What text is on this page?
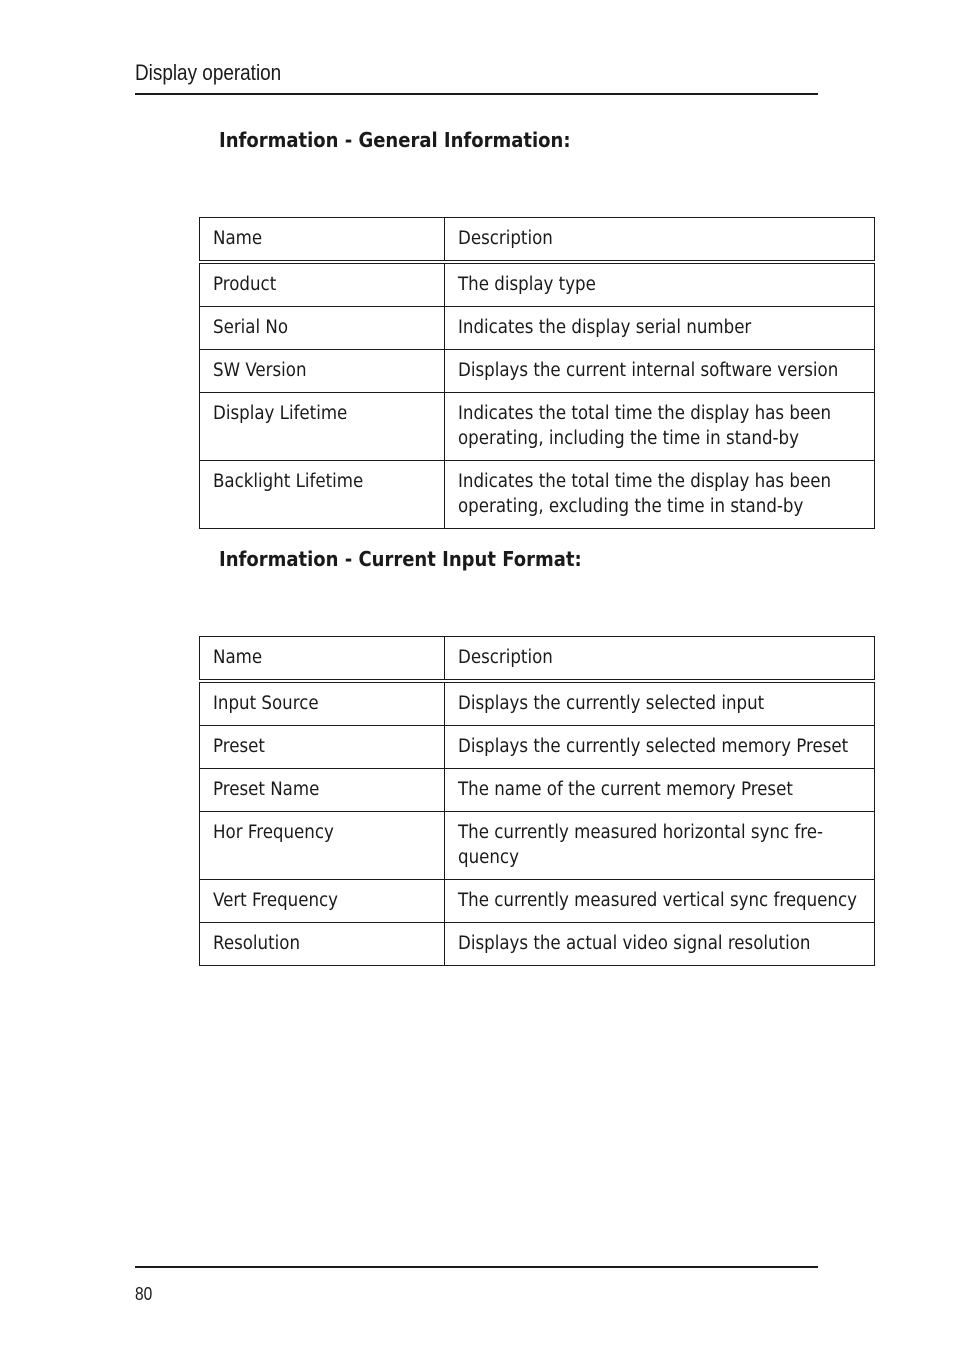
Display operation
Information - General Information:
Name	Description
Product	The display type
Serial No	Indicates the display serial number
SW Version	Displays the current internal software version
Display Lifetime	Indicates the total time the display has been
operating, including the time in stand-by
Backlight Lifetime	Indicates the total time the display has been
operating, excluding the time in stand-by
Information - Current Input Format:
Name	Description
Input Source	Displays the currently selected input
Preset	Displays the currently selected memory Preset
Preset Name	The name of the current memory Preset
Hor Frequency	The currently measured horizontal sync fre-
quency
Vert Frequency	The currently measured vertical sync frequency
Resolution	Displays the actual video signal resolution
80
